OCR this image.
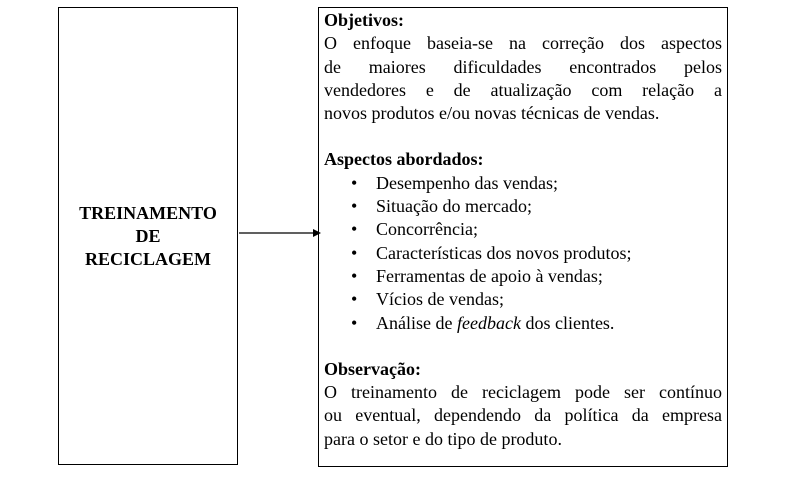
TREINAMENTO
DE
RECICLAGEM
Objetivos:
O enfoque baseia-se na correção dos aspectos
de maiores dificuldades encontrados pelos
vendedores e de atualização com relação a
novos produtos e/ou novas técnicas de vendas.
Aspectos abordados:
• Desempenho das vendas;
• Situação do mercado;
• Concorrência;
• Características dos novos produtos;
• Ferramentas de apoio à vendas;
• Vícios de vendas;
• Análise de feedback dos clientes.
Observação:
O treinamento de reciclagem pode ser contínuo
ou eventual, dependendo da política da empresa
para o setor e do tipo de produto.
